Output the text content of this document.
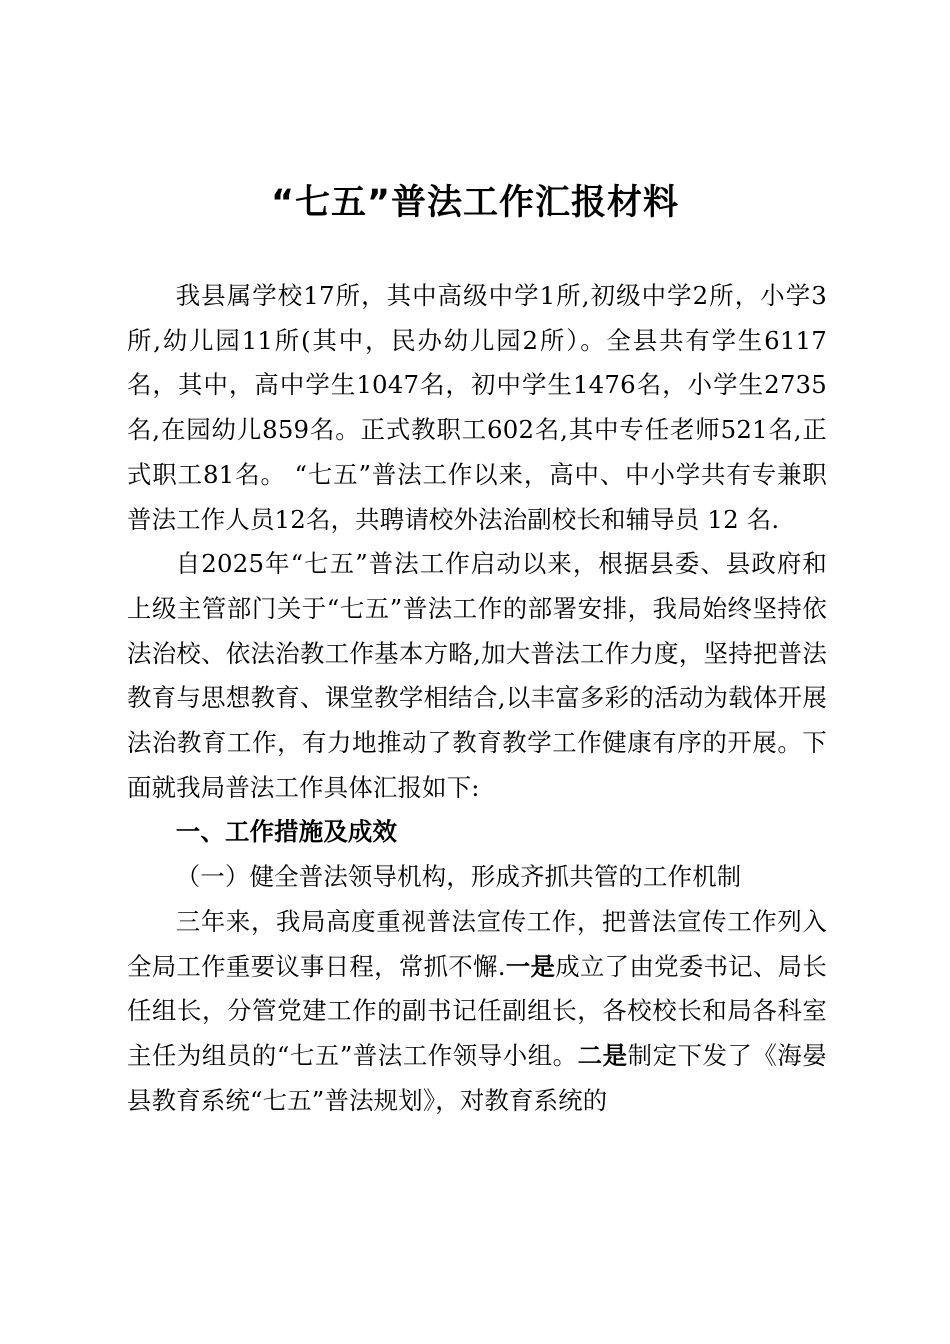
“七五”普法工作汇报材料

我县属学校17所，其中高级中学1所,初级中学2所，小学3所,幼儿园11所(其中，民办幼儿园2所）。全县共有学生6117名，其中，高中学生1047名，初中学生1476名，小学生2735名,在园幼儿859名。正式教职工602名,其中专任老师521名,正式职工81名。 “七五”普法工作以来，高中、中小学共有专兼职普法工作人员12名，共聘请校外法治副校长和辅导员 12 名.

自2025年“七五”普法工作启动以来，根据县委、县政府和上级主管部门关于“七五”普法工作的部署安排，我局始终坚持依法治校、依法治教工作基本方略,加大普法工作力度，坚持把普法教育与思想教育、课堂教学相结合,以丰富多彩的活动为载体开展法治教育工作，有力地推动了教育教学工作健康有序的开展。下面就我局普法工作具体汇报如下:

一、工作措施及成效

（一）健全普法领导机构，形成齐抓共管的工作机制

三年来，我局高度重视普法宣传工作，把普法宣传工作列入全局工作重要议事日程，常抓不懈.一是成立了由党委书记、局长任组长，分管党建工作的副书记任副组长，各校校长和局各科室主任为组员的“七五”普法工作领导小组。二是制定下发了《海晏县教育系统“七五”普法规划》，对教育系统的
